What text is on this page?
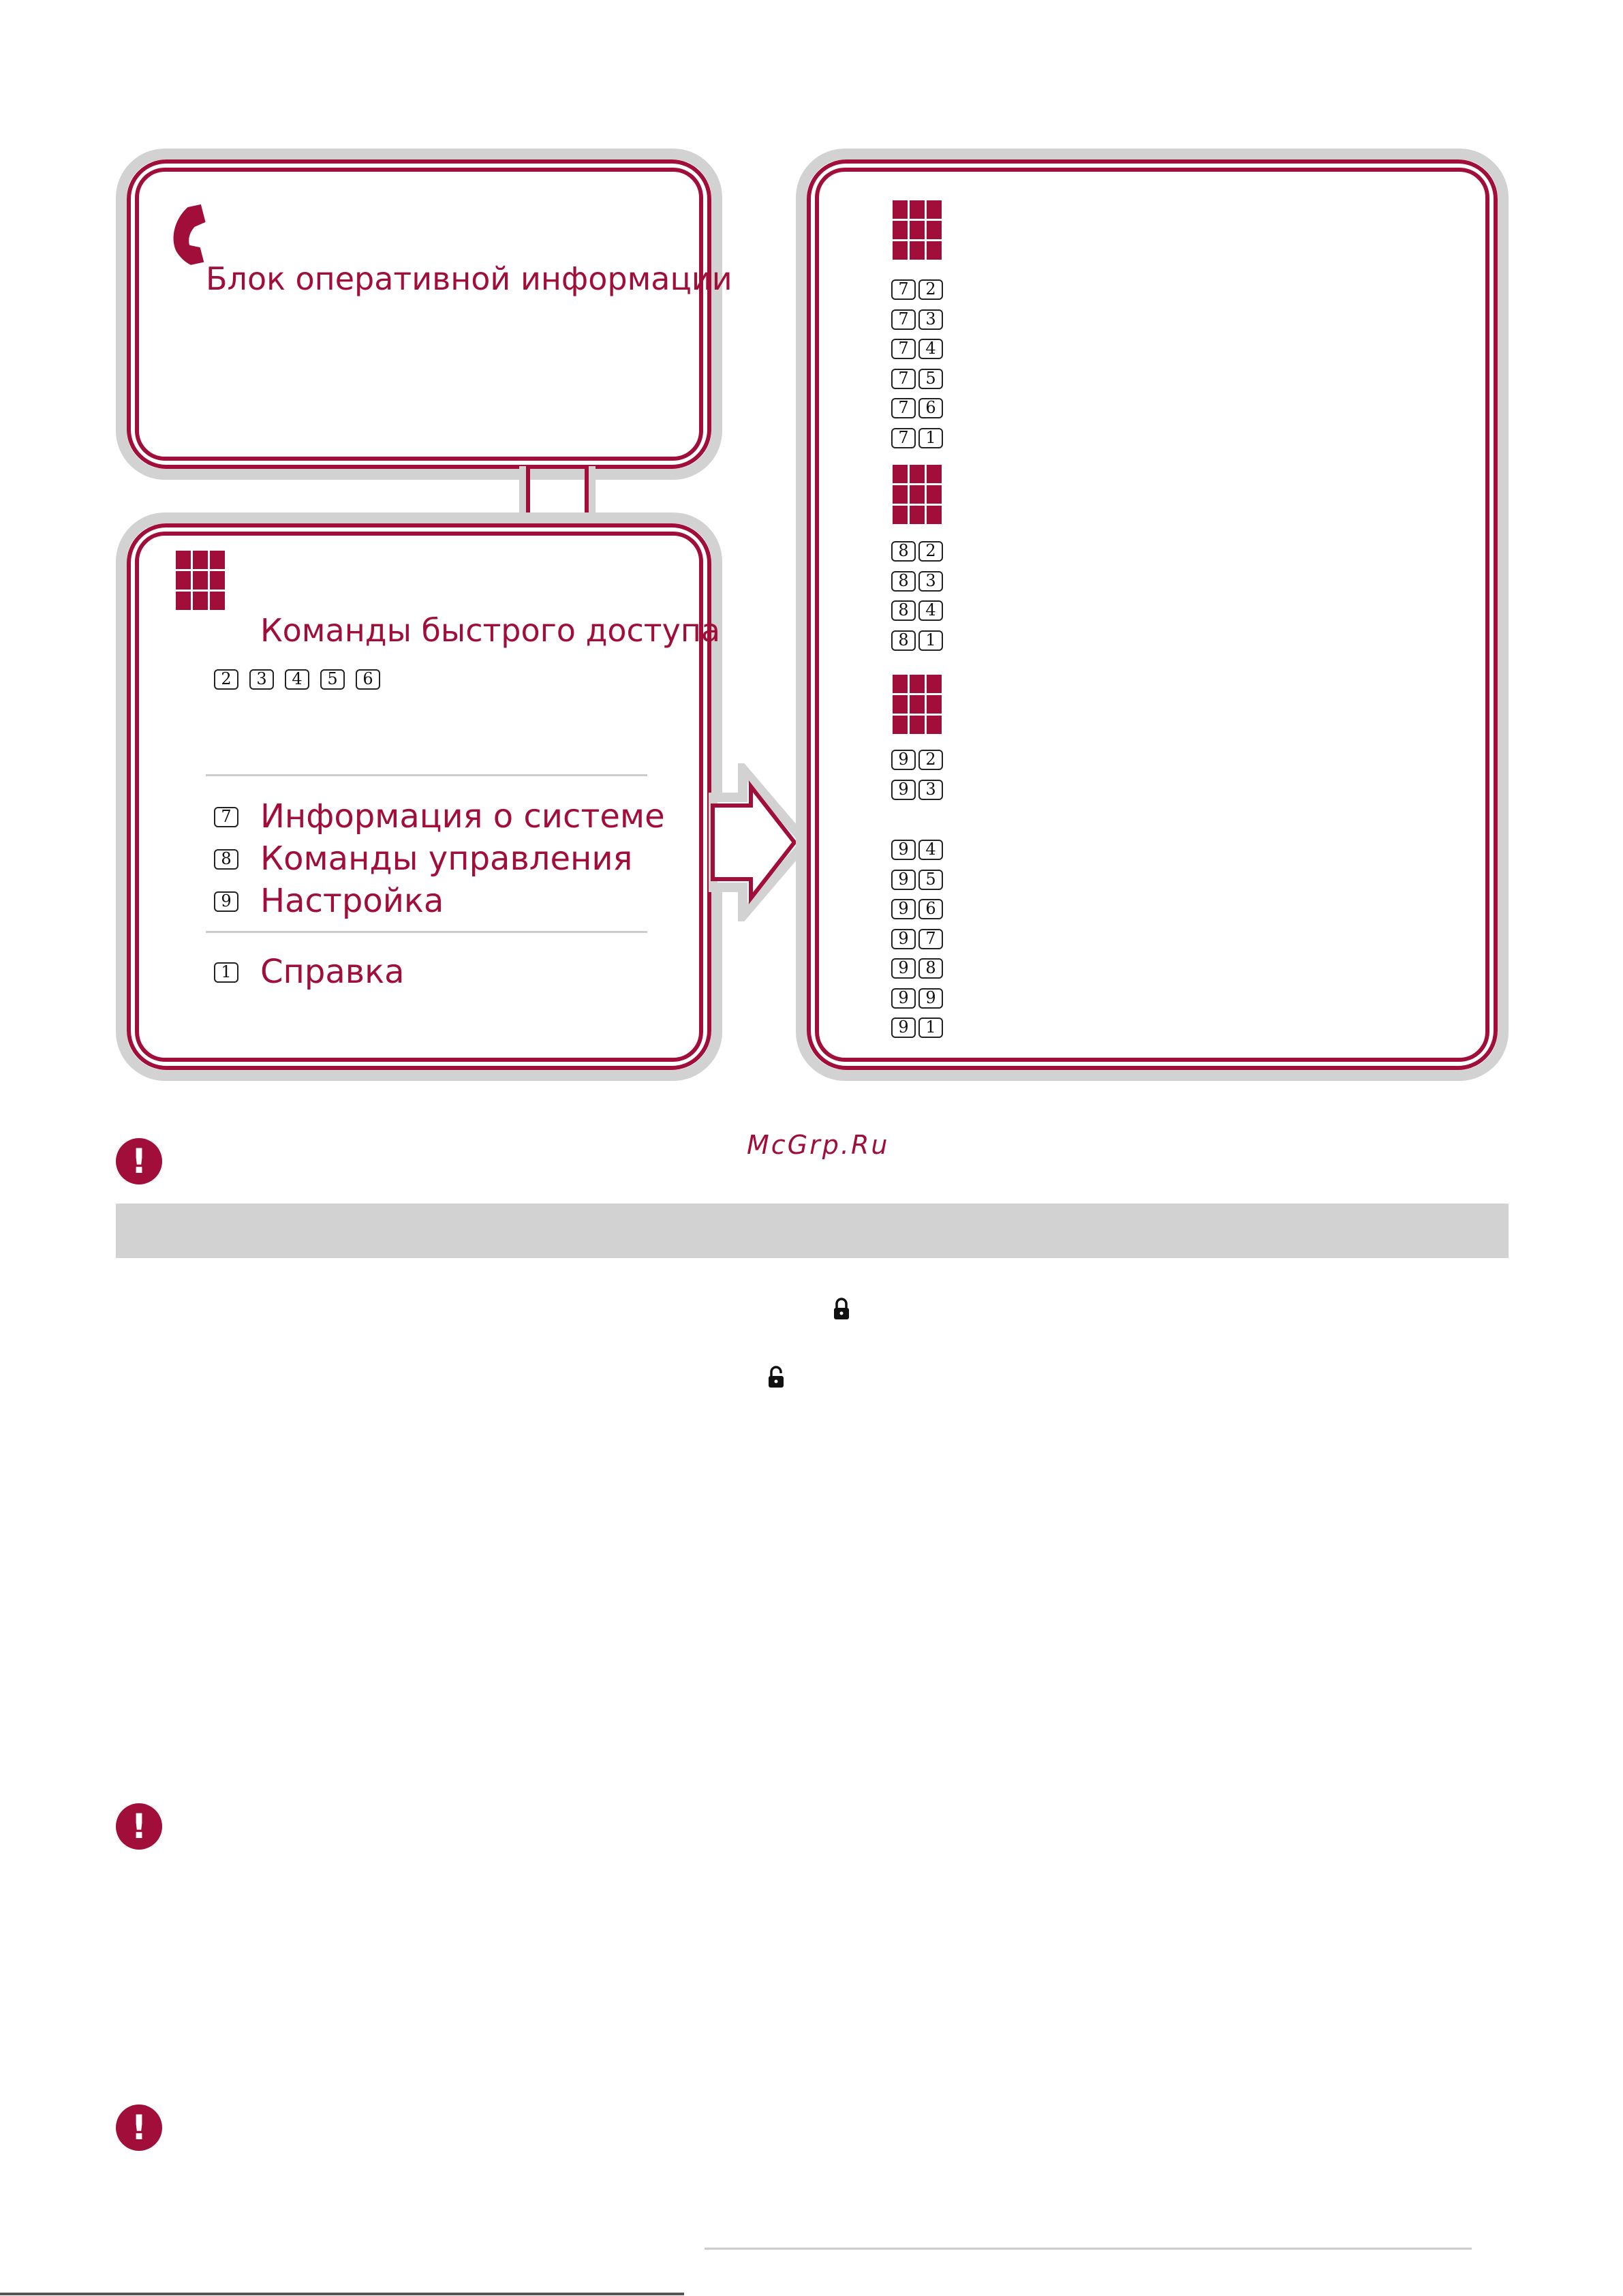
Блок оперативной информации
Команды быстрого доступа
2	3	4	5	6
7 Информация о системе
8 Команды управления
9 Настройка
1 Справка
7	2
7	3
7	4
7	5
7	6
7	1
8	2
8	3
8	4
8	1
9	2
9	3
9	4
9	5
9	6
9	7
9	8
9	9
9	1
!	McGrp.Ru
!
!
